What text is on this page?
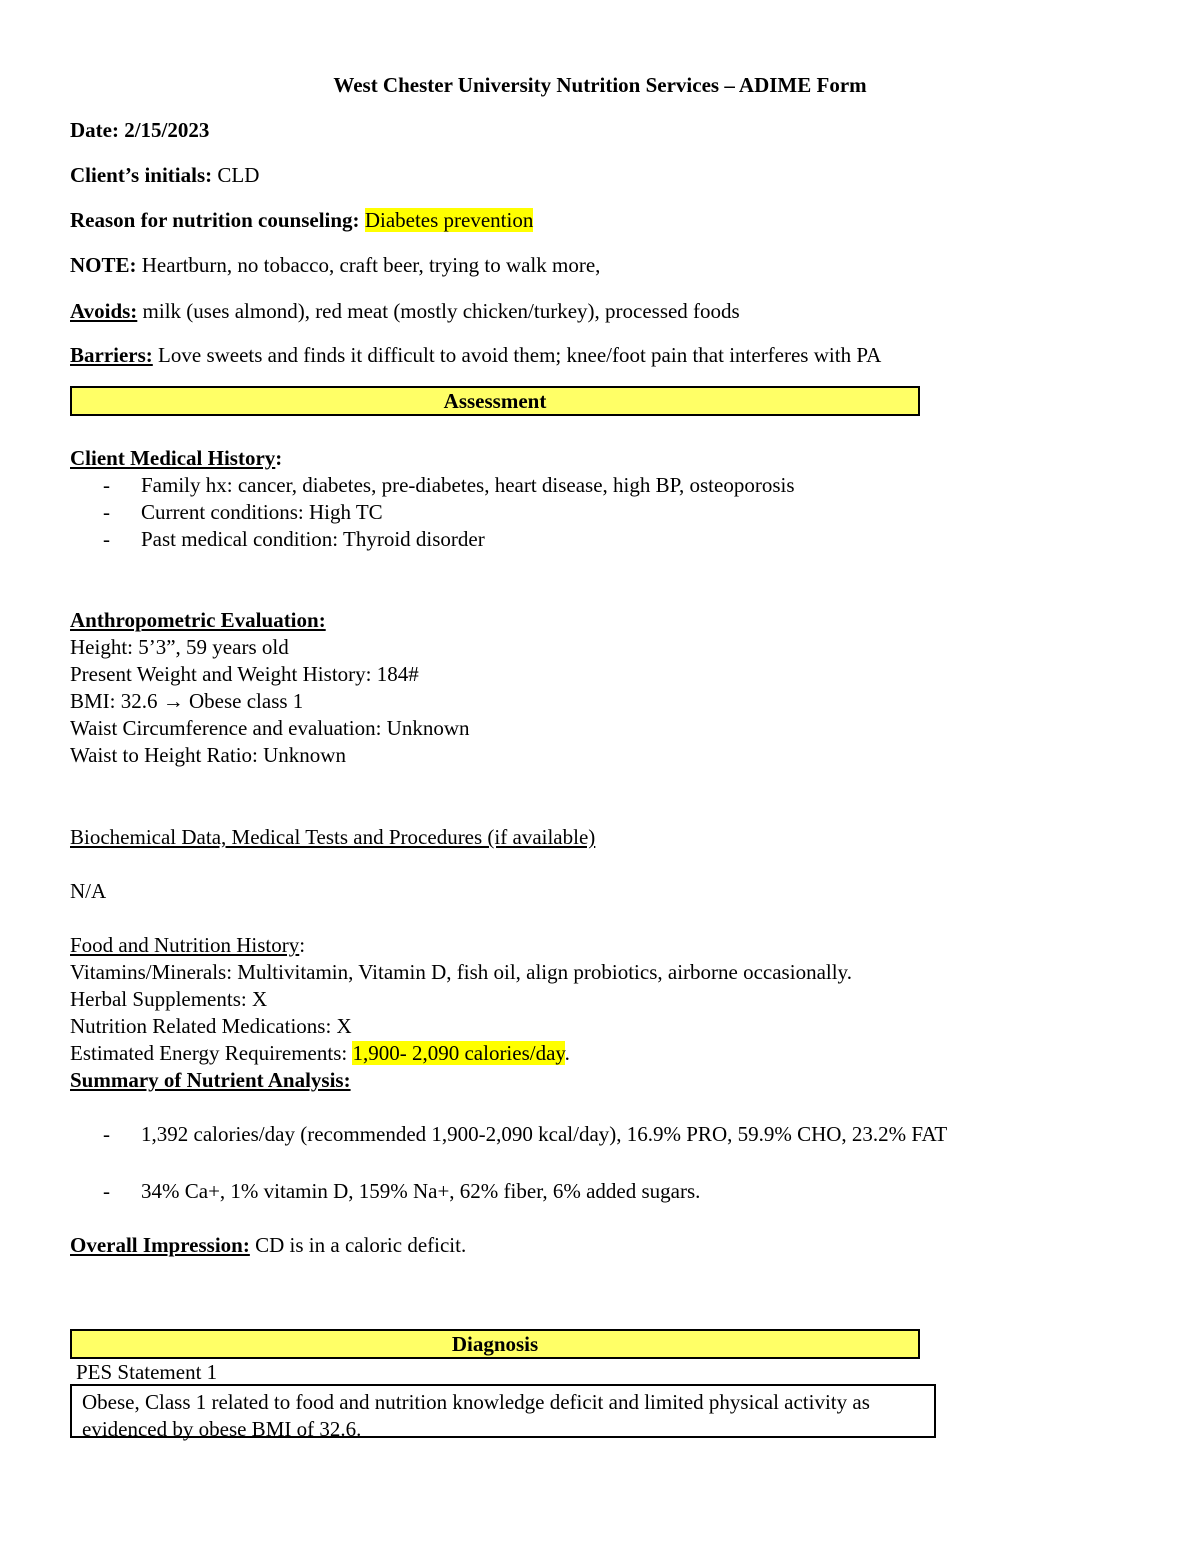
West Chester University Nutrition Services – ADIME Form
Date: 2/15/2023
Client’s initials: CLD
Reason for nutrition counseling: Diabetes prevention
NOTE: Heartburn, no tobacco, craft beer, trying to walk more,
Avoids: milk (uses almond), red meat (mostly chicken/turkey), processed foods
Barriers: Love sweets and finds it difficult to avoid them; knee/foot pain that interferes with PA
Assessment
Client Medical History:
- Family hx: cancer, diabetes, pre-diabetes, heart disease, high BP, osteoporosis
- Current conditions: High TC
- Past medical condition: Thyroid disorder
Anthropometric Evaluation:
Height: 5’3”, 59 years old
Present Weight and Weight History: 184#
BMI: 32.6 → Obese class 1
Waist Circumference and evaluation: Unknown
Waist to Height Ratio: Unknown
Biochemical Data, Medical Tests and Procedures (if available)
N/A
Food and Nutrition History:
Vitamins/Minerals: Multivitamin, Vitamin D, fish oil, align probiotics, airborne occasionally.
Herbal Supplements: X
Nutrition Related Medications: X
Estimated Energy Requirements: 1,900- 2,090 calories/day.
Summary of Nutrient Analysis:
- 1,392 calories/day (recommended 1,900-2,090 kcal/day), 16.9% PRO, 59.9% CHO, 23.2% FAT
- 34% Ca+, 1% vitamin D, 159% Na+, 62% fiber, 6% added sugars.
Overall Impression: CD is in a caloric deficit.
Diagnosis
PES Statement 1
Obese, Class 1 related to food and nutrition knowledge deficit and limited physical activity as evidenced by obese BMI of 32.6.
